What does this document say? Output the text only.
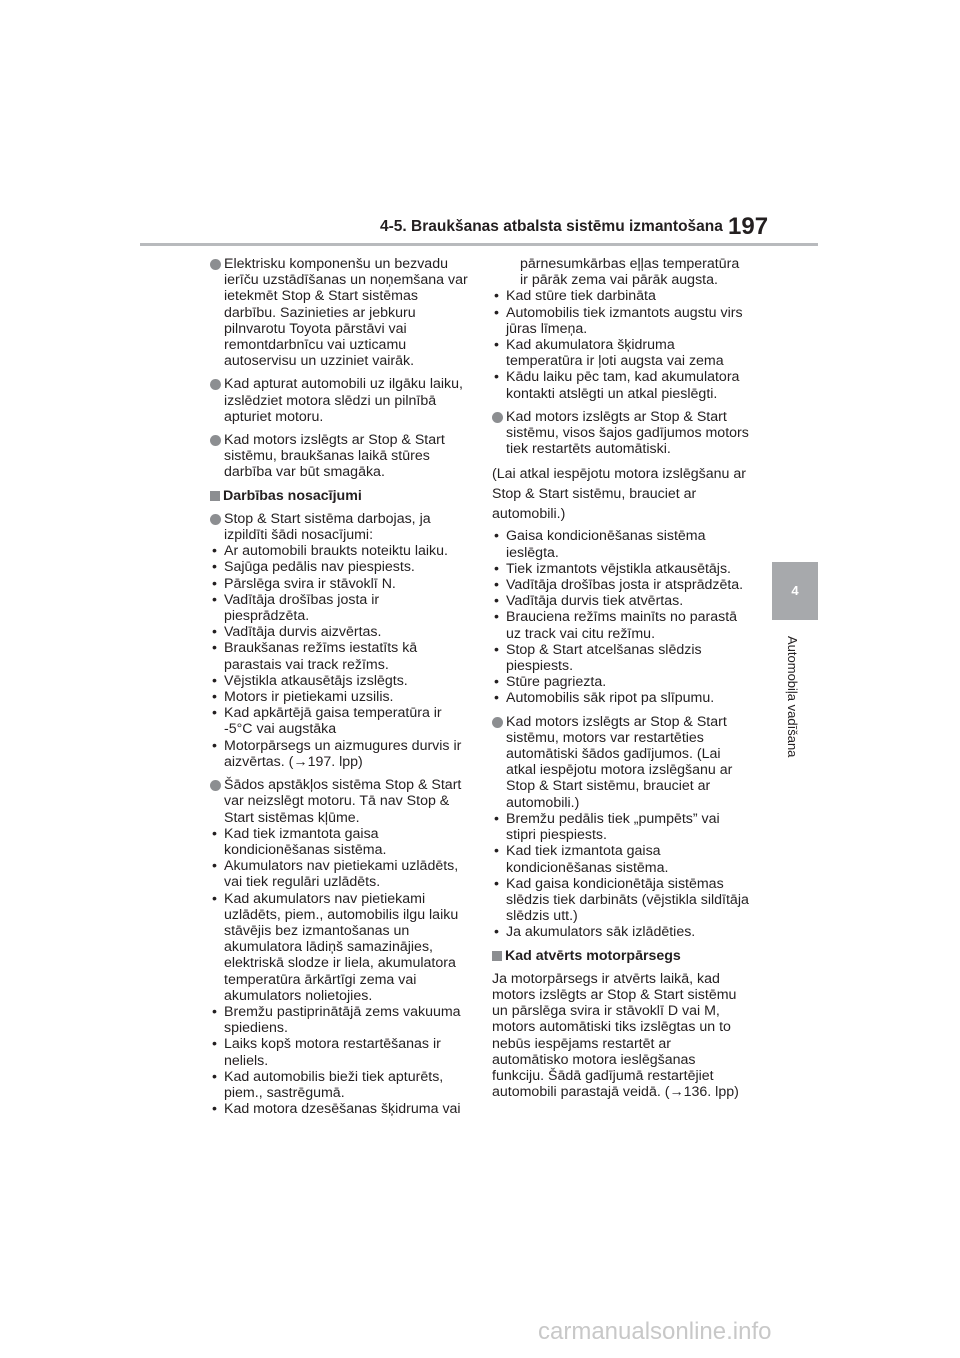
4-5. Braukšanas atbalsta sistēmu izmantošana 197
4
Automobiļa vadīšana
Elektrisku komponenšu un bezvadu ierīču uzstādīšanas un noņemšana var ietekmēt Stop & Start sistēmas darbību. Sazinieties ar jebkuru pilnvarotu Toyota pārstāvi vai remontdarbnīcu vai uzticamu autoservisu un uzziniet vairāk.
Kad apturat automobili uz ilgāku laiku, izslēdziet motora slēdzi un pilnībā apturiet motoru.
Kad motors izslēgts ar Stop & Start sistēmu, braukšanas laikā stūres darbība var būt smagāka.
Darbības nosacījumi
Stop & Start sistēma darbojas, ja izpildīti šādi nosacījumi:
• Ar automobili braukts noteiktu laiku.
• Sajūga pedālis nav piespiests.
• Pārslēga svira ir stāvoklī N.
• Vadītāja drošības josta ir piesprādzēta.
• Vadītāja durvis aizvērtas.
• Braukšanas režīms iestatīts kā parastais vai track režīms.
• Vējstikla atkausētājs izslēgts.
• Motors ir pietiekami uzsilis.
• Kad apkārtējā gaisa temperatūra ir -5°C vai augstāka
• Motorpārsegs un aizmugures durvis ir aizvērtas. (→197. lpp)
Šādos apstākļos sistēma Stop & Start var neizslēgt motoru. Tā nav Stop & Start sistēmas kļūme.
• Kad tiek izmantota gaisa kondicionēšanas sistēma.
• Akumulators nav pietiekami uzlādēts, vai tiek regulāri uzlādēts.
• Kad akumulators nav pietiekami uzlādēts, piem., automobilis ilgu laiku stāvējis bez izmantošanas un akumulatora lādiņš samazinājies, elektriskā slodze ir liela, akumulatora temperatūra ārkārtīgi zema vai akumulators nolietojies.
• Bremžu pastiprinātājā zems vakuuma spiediens.
• Laiks kopš motora restartēšanas ir neliels.
• Kad automobilis bieži tiek apturēts, piem., sastrēgumā.
• Kad motora dzesēšanas šķidruma vai
pārnesumkārbas eļļas temperatūra ir pārāk zema vai pārāk augsta.
• Kad stūre tiek darbināta
• Automobilis tiek izmantots augstu virs jūras līmeņa.
• Kad akumulatora šķidruma temperatūra ir ļoti augsta vai zema
• Kādu laiku pēc tam, kad akumulatora kontakti atslēgti un atkal pieslēgti.
Kad motors izslēgts ar Stop & Start sistēmu, visos šajos gadījumos motors tiek restartēts automātiski.
(Lai atkal iespējotu motora izslēgšanu ar Stop & Start sistēmu, brauciet ar automobili.)
• Gaisa kondicionēšanas sistēma ieslēgta.
• Tiek izmantots vējstikla atkausētājs.
• Vadītāja drošības josta ir atsprādzēta.
• Vadītāja durvis tiek atvērtas.
• Brauciena režīms mainīts no parastā uz track vai citu režīmu.
• Stop & Start atcelšanas slēdzis piespiests.
• Stūre pagriezta.
• Automobilis sāk ripot pa slīpumu.
Kad motors izslēgts ar Stop & Start sistēmu, motors var restartēties automātiski šādos gadījumos. (Lai atkal iespējotu motora izslēgšanu ar Stop & Start sistēmu, brauciet ar automobili.)
• Bremžu pedālis tiek „pumpēts” vai stipri piespiests.
• Kad tiek izmantota gaisa kondicionēšanas sistēma.
• Kad gaisa kondicionētāja sistēmas slēdzis tiek darbināts (vējstikla sildītāja slēdzis utt.)
• Ja akumulators sāk izlādēties.
Kad atvērts motorpārsegs
Ja motorpārsegs ir atvērts laikā, kad motors izslēgts ar Stop & Start sistēmu un pārslēga svira ir stāvoklī D vai M, motors automātiski tiks izslēgtas un to nebūs iespējams restartēt ar automātisko motora ieslēgšanas funkciju. Šādā gadījumā restartējiet automobili parastajā veidā. (→136. lpp)
carmanualsonline.info
